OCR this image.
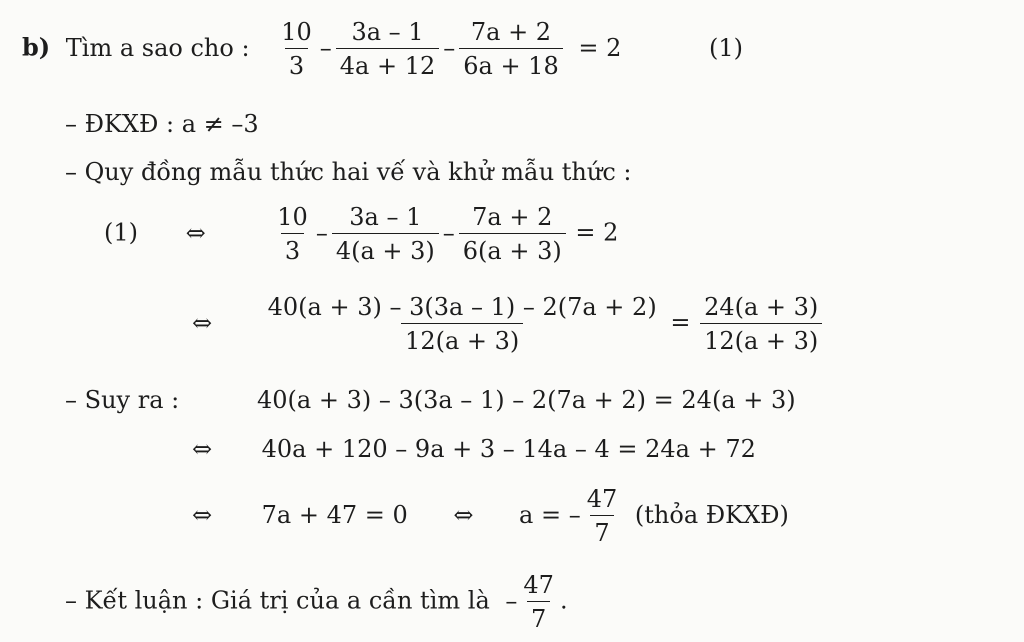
b) Tìm a sao cho : $\frac{10}{3} - \frac{3a - 1}{4a + 12} - \frac{7a + 2}{6a + 18} = 2$	(1)
– ĐKXĐ : a ≠ –3
– Quy đồng mẫu thức hai vế và khử mẫu thức :
(1) ⇔	$\frac{10}{3} - \frac{3a - 1}{4(a + 3)} - \frac{7a + 2}{6(a + 3)} = 2$
⇔ $\frac{40(a + 3) - 3(3a - 1) - 2(7a + 2)}{12(a + 3)} = \frac{24(a + 3)}{12(a + 3)}$
– Suy ra :	40(a + 3) – 3(3a – 1) – 2(7a + 2) = 24(a + 3)
⇔ 40a + 120 – 9a + 3 – 14a – 4 = 24a + 72
⇔ 7a + 47 = 0 ⇔ a = – $\frac{47}{7}$ (thỏa ĐKXĐ)
– Kết luận : Giá trị của a cần tìm là – $\frac{47}{7}$ .
